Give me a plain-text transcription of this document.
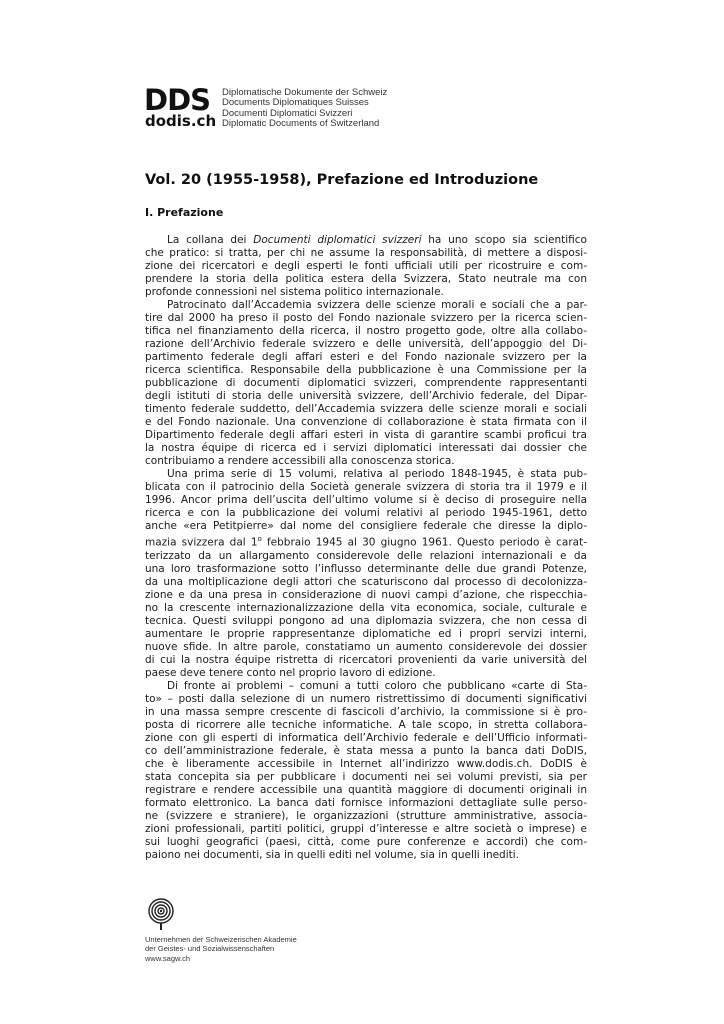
DDS
dodis.ch
Diplomatische Dokumente der Schweiz
Documents Diplomatiques Suisses
Documenti Diplomatici Svizzeri
Diplomatic Documents of Switzerland
Vol. 20 (1955-1958), Prefazione ed Introduzione
I. Prefazione
La collana dei Documenti diplomatici svizzeri ha uno scopo sia scientifico
che pratico: si tratta, per chi ne assume la responsabilità, di mettere a disposi-
zione dei ricercatori e degli esperti le fonti ufficiali utili per ricostruire e com-
prendere la storia della politica estera della Svizzera, Stato neutrale ma con
profonde connessioni nel sistema politico internazionale.
Patrocinato dall’Accademia svizzera delle scienze morali e sociali che a par-
tire dal 2000 ha preso il posto del Fondo nazionale svizzero per la ricerca scien-
tifica nel finanziamento della ricerca, il nostro progetto gode, oltre alla collabo-
razione dell’Archivio federale svizzero e delle università, dell’appoggio del Di-
partimento federale degli affari esteri e del Fondo nazionale svizzero per la
ricerca scientifica. Responsabile della pubblicazione è una Commissione per la
pubblicazione di documenti diplomatici svizzeri, comprendente rappresentanti
degli istituti di storia delle università svizzere, dell’Archivio federale, del Dipar-
timento federale suddetto, dell’Accademia svizzera delle scienze morali e sociali
e del Fondo nazionale. Una convenzione di collaborazione è stata firmata con il
Dipartimento federale degli affari esteri in vista di garantire scambi proficui tra
la nostra équipe di ricerca ed i servizi diplomatici interessati dai dossier che
contribuiamo a rendere accessibili alla conoscenza storica.
Una prima serie di 15 volumi, relativa al periodo 1848-1945, è stata pub-
blicata con il patrocinio della Società generale svizzera di storia tra il 1979 e il
1996. Ancor prima dell’uscita dell’ultimo volume si è deciso di proseguire nella
ricerca e con la pubblicazione dei volumi relativi al periodo 1945-1961, detto
anche «era Petitpierre» dal nome del consigliere federale che diresse la diplo-
mazia svizzera dal 1$^o$ febbraio 1945 al 30 giugno 1961. Questo periodo è carat-
terizzato da un allargamento considerevole delle relazioni internazionali e da
una loro trasformazione sotto l’influsso determinante delle due grandi Potenze,
da una moltiplicazione degli attori che scaturiscono dal processo di decolonizza-
zione e da una presa in considerazione di nuovi campi d’azione, che rispecchia-
no la crescente internazionalizzazione della vita economica, sociale, culturale e
tecnica. Questi sviluppi pongono ad una diplomazia svizzera, che non cessa di
aumentare le proprie rappresentanze diplomatiche ed i propri servizi interni,
nuove sfide. In altre parole, constatiamo un aumento considerevole dei dossier
di cui la nostra équipe ristretta di ricercatori provenienti da varie università del
paese deve tenere conto nel proprio lavoro di edizione.
Di fronte ai problemi – comuni a tutti coloro che pubblicano «carte di Sta-
to» – posti dalla selezione di un numero ristrettissimo di documenti significativi
in una massa sempre crescente di fascicoli d’archivio, la commissione si è pro-
posta di ricorrere alle tecniche informatiche. A tale scopo, in stretta collabora-
zione con gli esperti di informatica dell’Archivio federale e dell’Ufficio informati-
co dell’amministrazione federale, è stata messa a punto la banca dati DoDIS,
che è liberamente accessibile in Internet all’indirizzo www.dodis.ch. DoDIS è
stata concepita sia per pubblicare i documenti nei sei volumi previsti, sia per
registrare e rendere accessibile una quantità maggiore di documenti originali in
formato elettronico. La banca dati fornisce informazioni dettagliate sulle perso-
ne (svizzere e straniere), le organizzazioni (strutture amministrative, associa-
zioni professionali, partiti politici, gruppi d’interesse e altre società o imprese) e
sui luoghi geografici (paesi, città, come pure conferenze e accordi) che com-
paiono nei documenti, sia in quelli editi nel volume, sia in quelli inediti.
Unternehmen der Schweizerischen Akademie
der Geistes- und Sozialwissenschaften
www.sagw.ch
